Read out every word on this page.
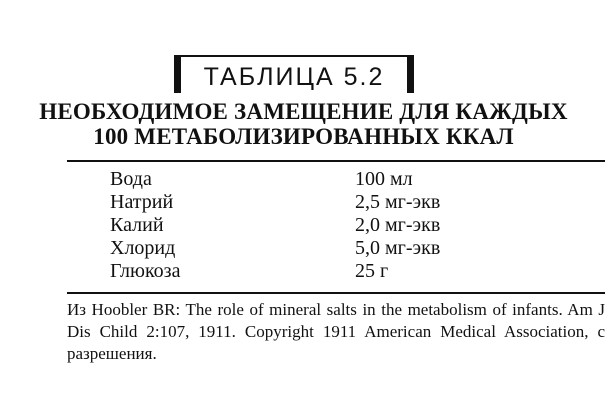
ТАБЛИЦА 5.2
НЕОБХОДИМОЕ ЗАМЕЩЕНИЕ ДЛЯ КАЖДЫХ
100 МЕТАБОЛИЗИРОВАННЫХ ККАЛ
Вода	100 мл
Натрий	2,5 мг-экв
Калий	2,0 мг-экв
Хлорид	5,0 мг-экв
Глюкоза	25 г
Из Hoobler BR: The role of mineral salts in the metabolism of infants. Am J Dis Child 2:107, 1911. Copyright 1911 American Medical Association, с разрешения.
